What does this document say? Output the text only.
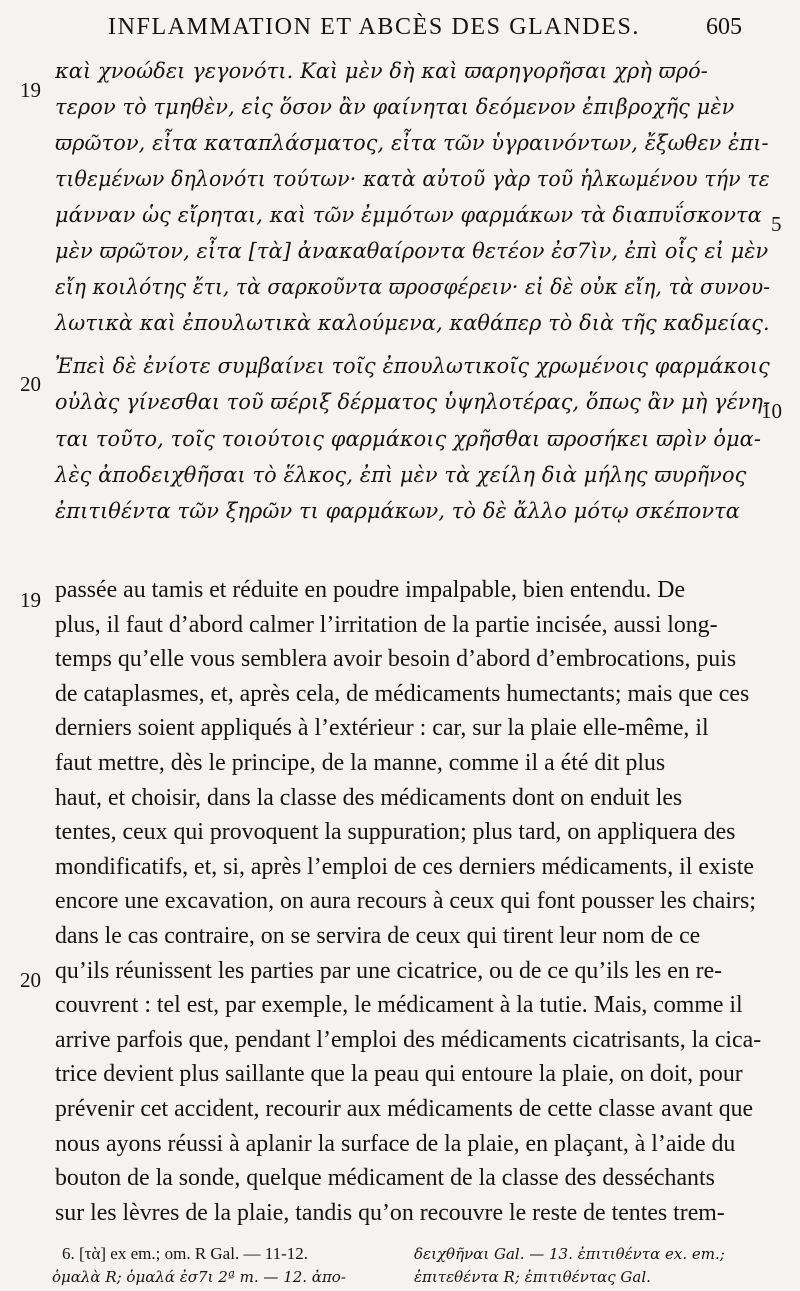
INFLAMMATION ET ABCÈS DES GLANDES.	605
καὶ χνοώδει γεγονότι. Καὶ μὲν δὴ καὶ ϖαρηγορῆσαι χρὴ ϖρό-
τερον τὸ τμηθὲν, εἰς ὅσον ἂν φαίνηται δεόμενον ἐπιβροχῆς μὲν
ϖρῶτον, εἶτα καταπλάσματος, εἶτα τῶν ὑγραινόντων, ἔξωθεν ἐπι-
τιθεμένων δηλονότι τούτων· κατὰ αὐτοῦ γὰρ τοῦ ἡλκωμένου τήν τε
μάνναν ὡς εἴρηται, καὶ τῶν ἐμμότων φαρμάκων τὰ διαπυΐσκοντα
μὲν ϖρῶτον, εἶτα [τὰ] ἀνακαθαίροντα θετέον ἐσ7ὶν, ἐπὶ οἷς εἰ μὲν
εἴη κοιλότης ἔτι, τὰ σαρκοῦντα ϖροσφέρειν· εἰ δὲ οὐκ εἴη, τὰ συνου-
λωτικὰ καὶ ἐπουλωτικὰ καλούμενα, καθάπερ τὸ διὰ τῆς καδμείας.
Ἐπεὶ δὲ ἐνίοτε συμβαίνει τοῖς ἐπουλωτικοῖς χρωμένοις φαρμάκοις
οὐλὰς γίνεσθαι τοῦ ϖέριξ δέρματος ὑψηλοτέρας, ὅπως ἂν μὴ γένη-
ται τοῦτο, τοῖς τοιούτοις φαρμάκοις χρῆσθαι ϖροσήκει ϖρὶν ὁμα-
λὲς ἀποδειχθῆσαι τὸ ἕλκος, ἐπὶ μὲν τὰ χείλη διὰ μήλης ϖυρῆνος
ἐπιτιθέντα τῶν ξηρῶν τι φαρμάκων, τὸ δὲ ἄλλο μότῳ σκέποντα
19
20
5
10
passée au tamis et réduite en poudre impalpable, bien entendu. De
plus, il faut d’abord calmer l’irritation de la partie incisée, aussi long-
temps qu’elle vous semblera avoir besoin d’abord d’embrocations, puis
de cataplasmes, et, après cela, de médicaments humectants; mais que ces
derniers soient appliqués à l’extérieur : car, sur la plaie elle-même, il
faut mettre, dès le principe, de la manne, comme il a été dit plus
haut, et choisir, dans la classe des médicaments dont on enduit les
tentes, ceux qui provoquent la suppuration; plus tard, on appliquera des
mondificatifs, et, si, après l’emploi de ces derniers médicaments, il existe
encore une excavation, on aura recours à ceux qui font pousser les chairs;
dans le cas contraire, on se servira de ceux qui tirent leur nom de ce
qu’ils réunissent les parties par une cicatrice, ou de ce qu’ils les en re-
couvrent : tel est, par exemple, le médicament à la tutie. Mais, comme il
arrive parfois que, pendant l’emploi des médicaments cicatrisants, la cica-
trice devient plus saillante que la peau qui entoure la plaie, on doit, pour
prévenir cet accident, recourir aux médicaments de cette classe avant que
nous ayons réussi à aplanir la surface de la plaie, en plaçant, à l’aide du
bouton de la sonde, quelque médicament de la classe des desséchants
sur les lèvres de la plaie, tandis qu’on recouvre le reste de tentes trem-
19
20
6. [τὰ] ex em.; om. R Gal. — 11-12.
ὁμαλὰ R; ὁμαλά ἐσ7ι 2ª m. — 12. ἀπο-
δειχθῆναι Gal. — 13. ἐπιτιθέντα ex. em.;
ἐπιτεθέντα R; ἐπιτιθέντας Gal.
